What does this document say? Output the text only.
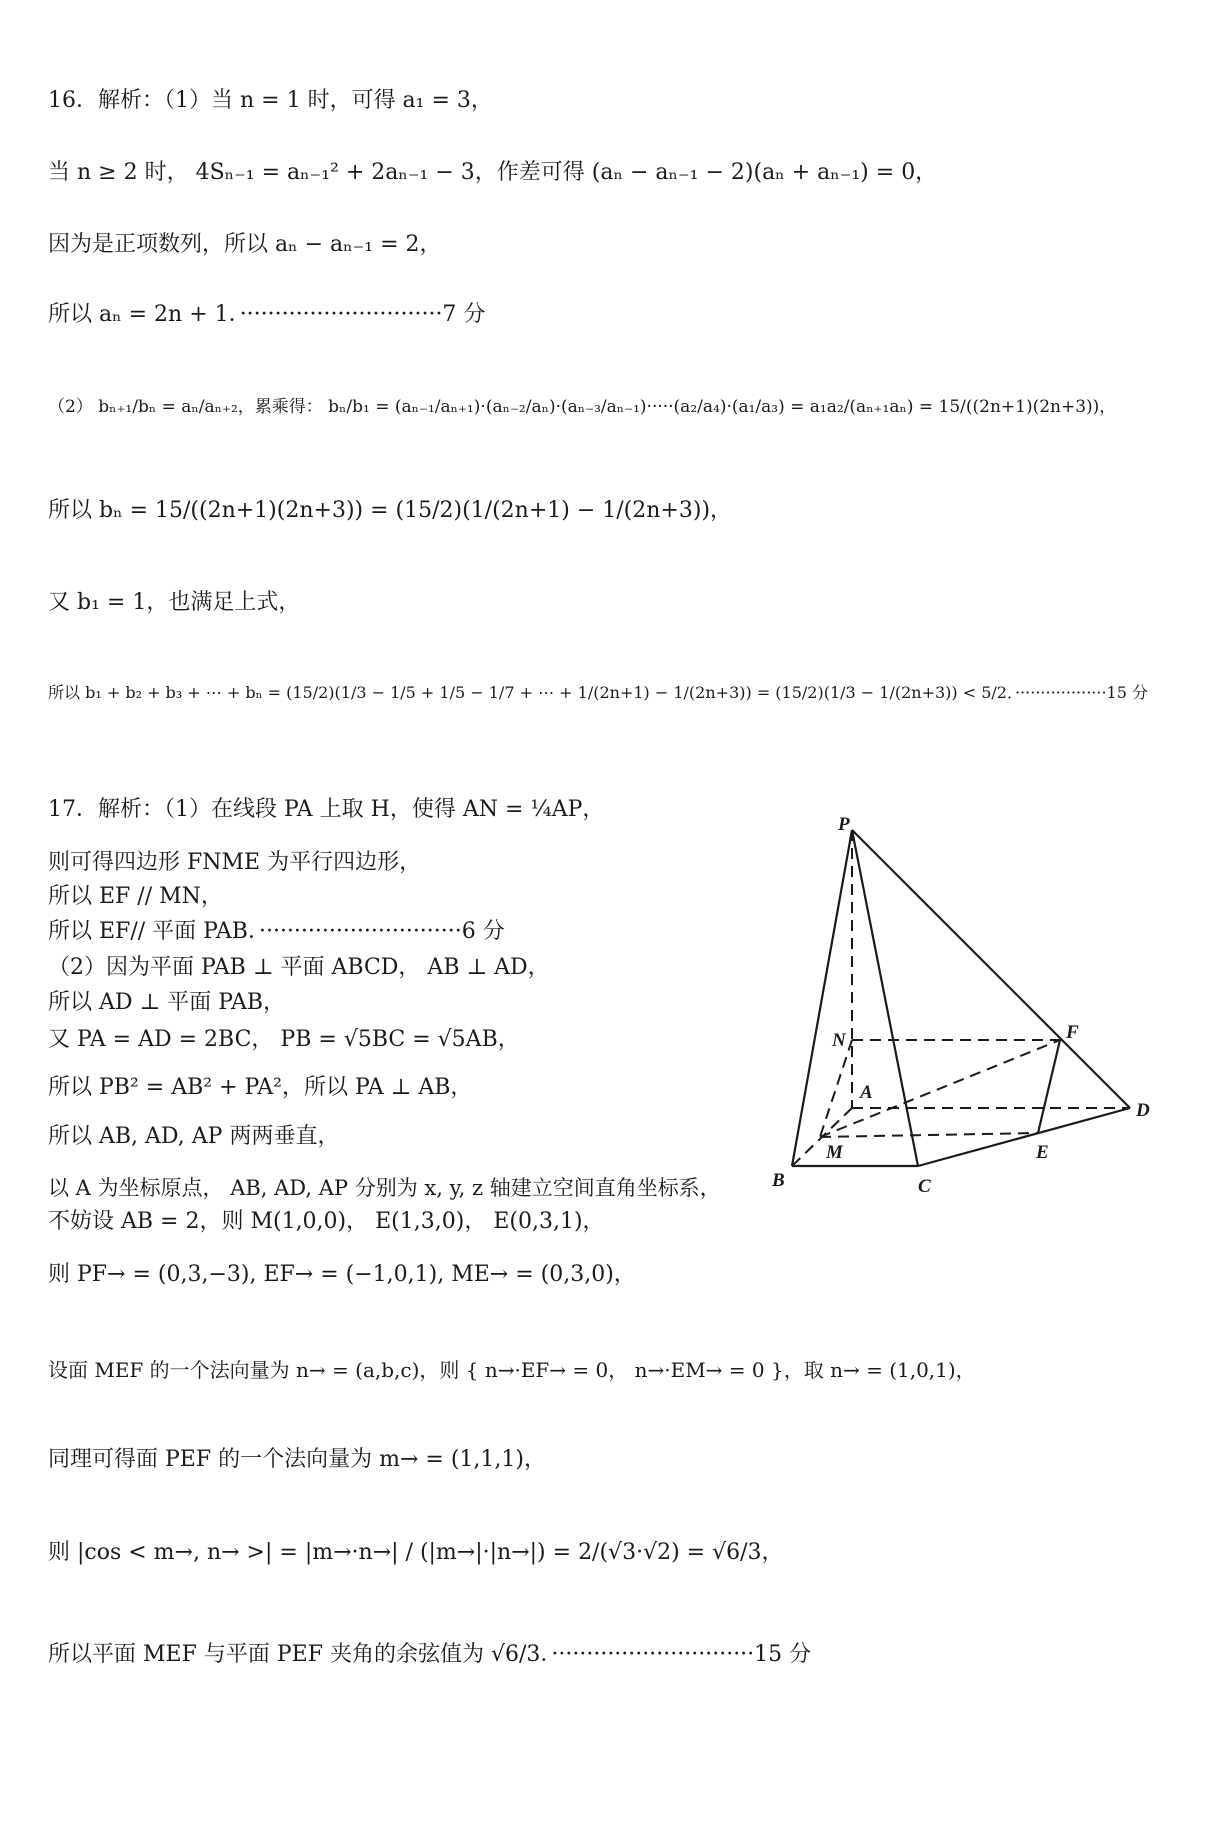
16．解析：（1）当 n = 1 时，可得 a₁ = 3，
当 n ≥ 2 时， 4Sₙ₋₁ = aₙ₋₁² + 2aₙ₋₁ − 3，作差可得 (aₙ − aₙ₋₁ − 2)(aₙ + aₙ₋₁) = 0，
因为是正项数列，所以 aₙ − aₙ₋₁ = 2，
所以 aₙ = 2n + 1．·····························7 分
（2） bₙ₊₁/bₙ = aₙ/aₙ₊₂，累乘得： bₙ/b₁ = (aₙ₋₁/aₙ₊₁)·(aₙ₋₂/aₙ)·(aₙ₋₃/aₙ₋₁)·····(a₂/a₄)·(a₁/a₃) = a₁a₂/(aₙ₊₁aₙ) = 15/((2n+1)(2n+3))，
所以 bₙ = 15/((2n+1)(2n+3)) = (15/2)(1/(2n+1) − 1/(2n+3))，
又 b₁ = 1，也满足上式，
所以 b₁ + b₂ + b₃ + ⋯ + bₙ = (15/2)(1/3 − 1/5 + 1/5 − 1/7 + ⋯ + 1/(2n+1) − 1/(2n+3)) = (15/2)(1/3 − 1/(2n+3)) < 5/2．··················15 分
17．解析：（1）在线段 PA 上取 H，使得 AN = ¼AP，
则可得四边形 FNME 为平行四边形，
所以 EF // MN，
所以 EF// 平面 PAB．·····························6 分
（2）因为平面 PAB ⊥ 平面 ABCD， AB ⊥ AD，
所以 AD ⊥ 平面 PAB，
又 PA = AD = 2BC， PB = √5BC = √5AB，
所以 PB² = AB² + PA²，所以 PA ⊥ AB，
所以 AB, AD, AP 两两垂直，
以 A 为坐标原点， AB, AD, AP 分别为 x, y, z 轴建立空间直角坐标系，
不妨设 AB = 2，则 M(1,0,0)， E(1,3,0)， E(0,3,1)，
则 PF→ = (0,3,−3), EF→ = (−1,0,1), ME→ = (0,3,0)，
设面 MEF 的一个法向量为 n→ = (a,b,c)，则 { n→·EF→ = 0， n→·EM→ = 0 }，取 n→ = (1,0,1)，
同理可得面 PEF 的一个法向量为 m→ = (1,1,1)，
则 |cos < m→, n→ >| = |m→·n→| / (|m→|·|n→|) = 2/(√3·√2) = √6/3，
所以平面 MEF 与平面 PEF 夹角的余弦值为 √6/3．·····························15 分
P
N	F
A
D
M	E
B	C
